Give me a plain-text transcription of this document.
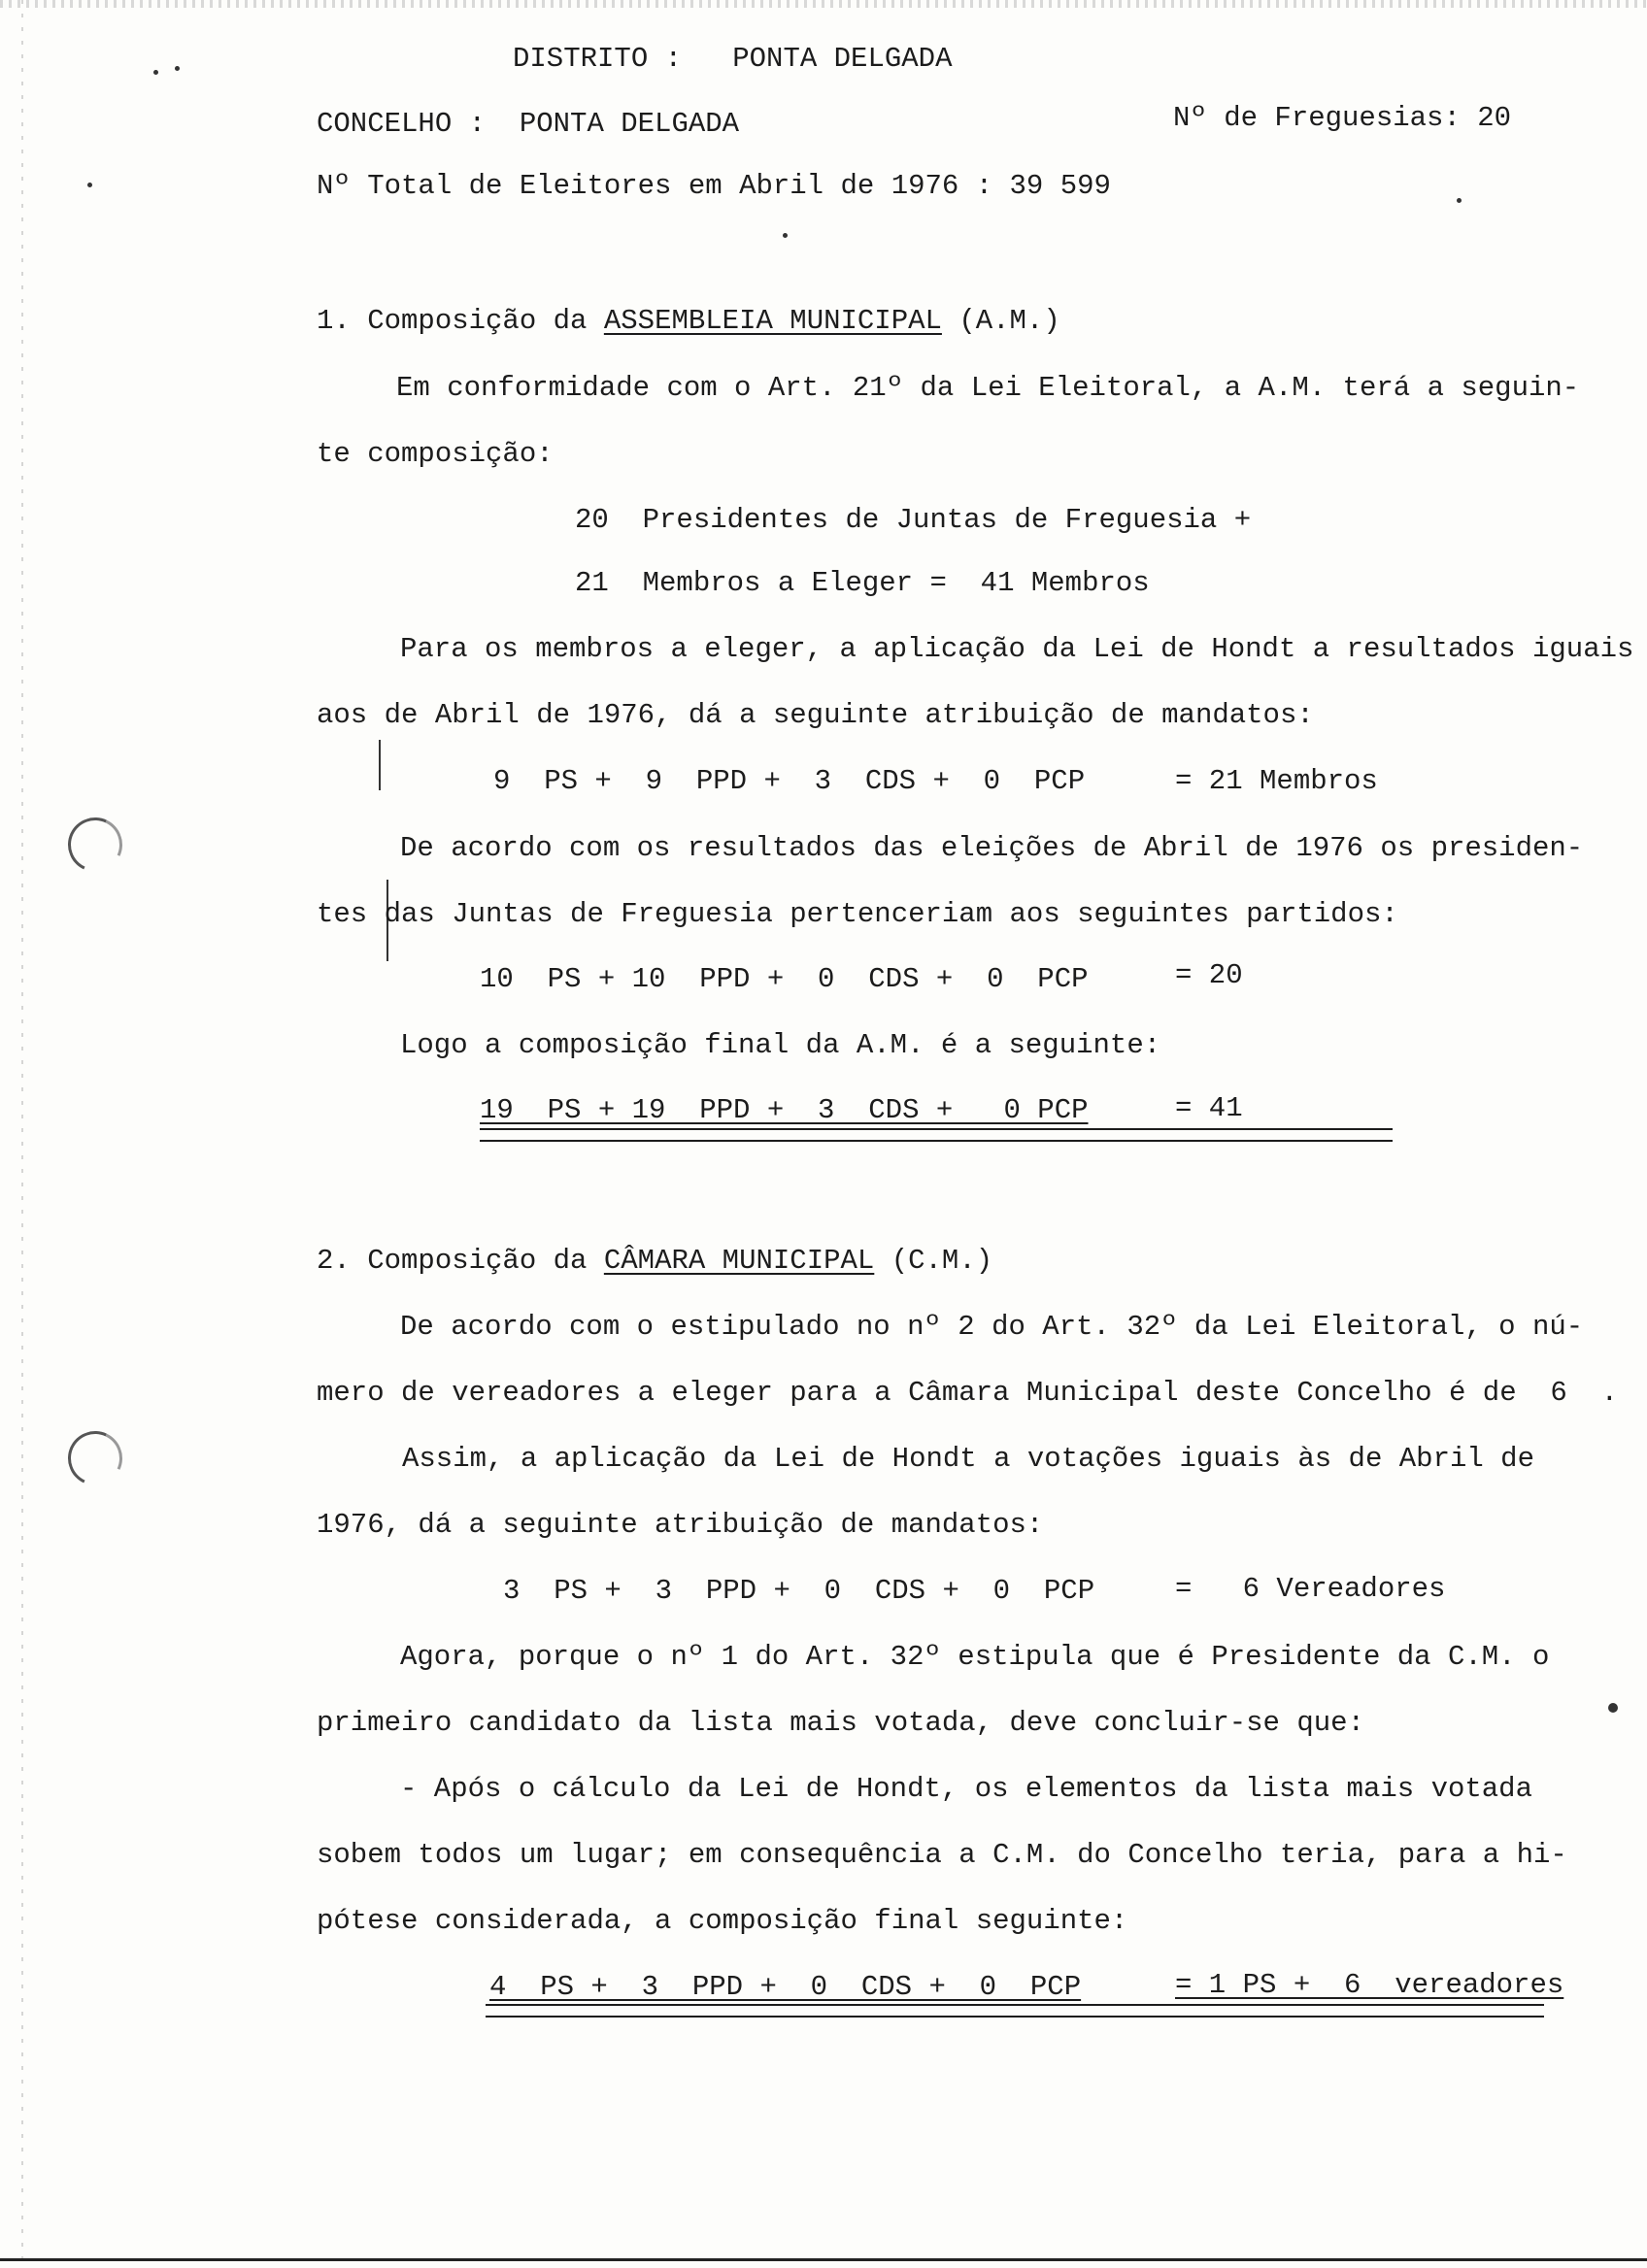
DISTRITO :   PONTA DELGADA
CONCELHO :  PONTA DELGADA	Nº de Freguesias: 20
Nº Total de Eleitores em Abril de 1976 : 39 599
1. Composição da ASSEMBLEIA MUNICIPAL (A.M.)
Em conformidade com o Art. 21º da Lei Eleitoral, a A.M. terá a seguin-
te composição:
20  Presidentes de Juntas de Freguesia +
21  Membros a Eleger =  41 Membros
Para os membros a eleger, a aplicação da Lei de Hondt a resultados iguais
aos de Abril de 1976, dá a seguinte atribuição de mandatos:
9  PS +  9  PPD +  3  CDS +  0  PCP	= 21 Membros
De acordo com os resultados das eleições de Abril de 1976 os presiden-
tes das Juntas de Freguesia pertenceriam aos seguintes partidos:
10  PS + 10  PPD +  0  CDS +  0  PCP	= 20
Logo a composição final da A.M. é a seguinte:
19  PS + 19  PPD +  3  CDS +   0 PCP	= 41
2. Composição da CÂMARA MUNICIPAL (C.M.)
De acordo com o estipulado no nº 2 do Art. 32º da Lei Eleitoral, o nú-
mero de vereadores a eleger para a Câmara Municipal deste Concelho é de  6  .
Assim, a aplicação da Lei de Hondt a votações iguais às de Abril de
1976, dá a seguinte atribuição de mandatos:
3  PS +  3  PPD +  0  CDS +  0  PCP	=   6 Vereadores
Agora, porque o nº 1 do Art. 32º estipula que é Presidente da C.M. o
primeiro candidato da lista mais votada, deve concluir-se que:
- Após o cálculo da Lei de Hondt, os elementos da lista mais votada
sobem todos um lugar; em consequência a C.M. do Concelho teria, para a hi-
pótese considerada, a composição final seguinte:
4  PS +  3  PPD +  0  CDS +  0  PCP	= 1 PS +  6  vereadores
